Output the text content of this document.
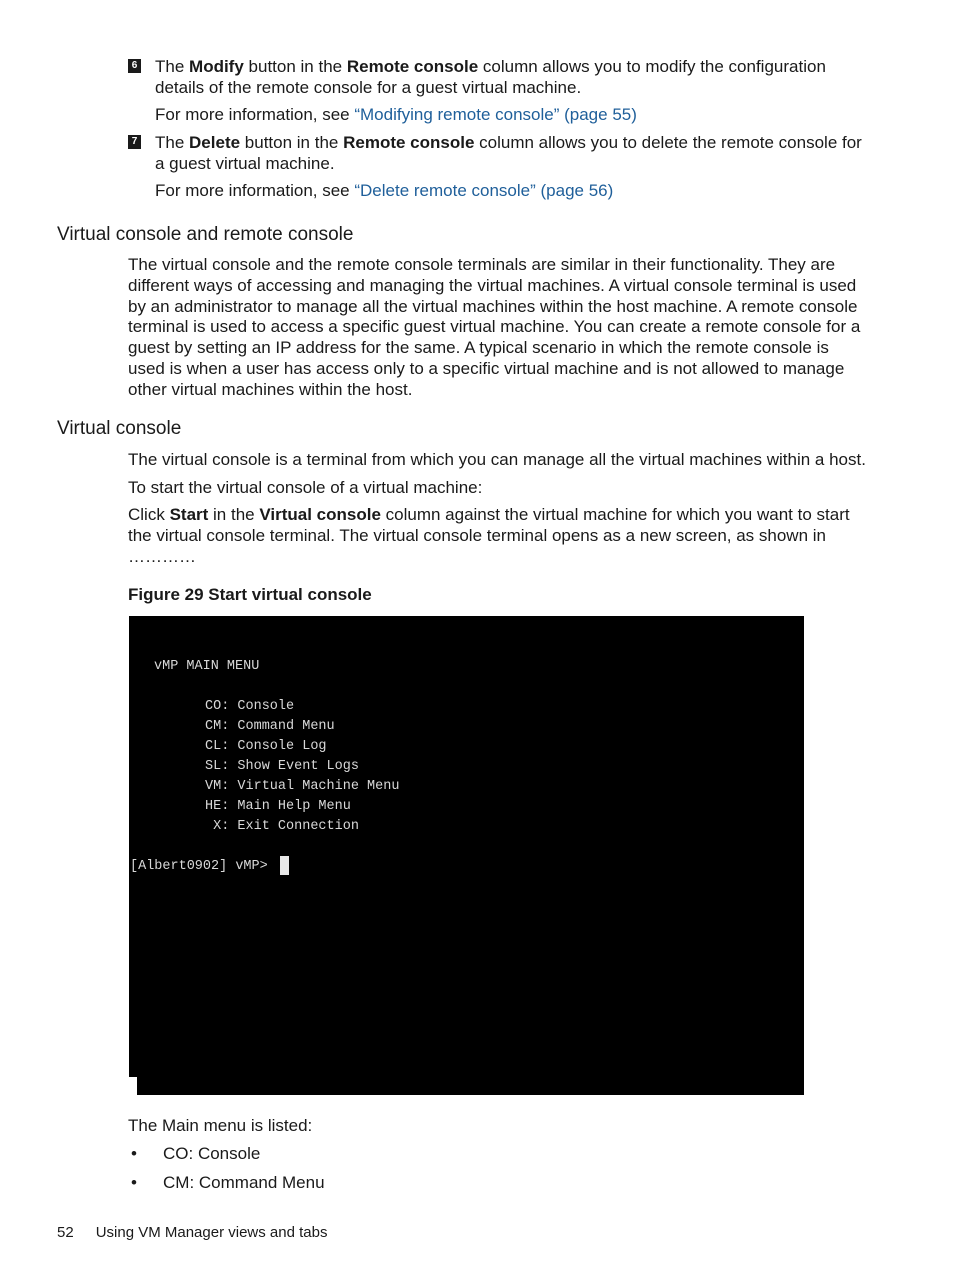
6 The Modify button in the Remote console column allows you to modify the configuration details of the remote console for a guest virtual machine.
For more information, see “Modifying remote console” (page 55)
7 The Delete button in the Remote console column allows you to delete the remote console for a guest virtual machine.
For more information, see “Delete remote console” (page 56)
Virtual console and remote console
The virtual console and the remote console terminals are similar in their functionality. They are different ways of accessing and managing the virtual machines. A virtual console terminal is used by an administrator to manage all the virtual machines within the host machine. A remote console terminal is used to access a specific guest virtual machine. You can create a remote console for a guest by setting an IP address for the same. A typical scenario in which the remote console is used is when a user has access only to a specific virtual machine and is not allowed to manage other virtual machines within the host.
Virtual console
The virtual console is a terminal from which you can manage all the virtual machines within a host.
To start the virtual console of a virtual machine:
Click Start in the Virtual console column against the virtual machine for which you want to start the virtual console terminal. The virtual console terminal opens as a new screen, as shown in …………
Figure 29 Start virtual console
vMP MAIN MENU
CO: Console
CM: Command Menu
CL: Console Log
SL: Show Event Logs
VM: Virtual Machine Menu
HE: Main Help Menu
X: Exit Connection
[Albert0902] vMP>
The Main menu is listed:
• CO: Console
• CM: Command Menu
52 Using VM Manager views and tabs
